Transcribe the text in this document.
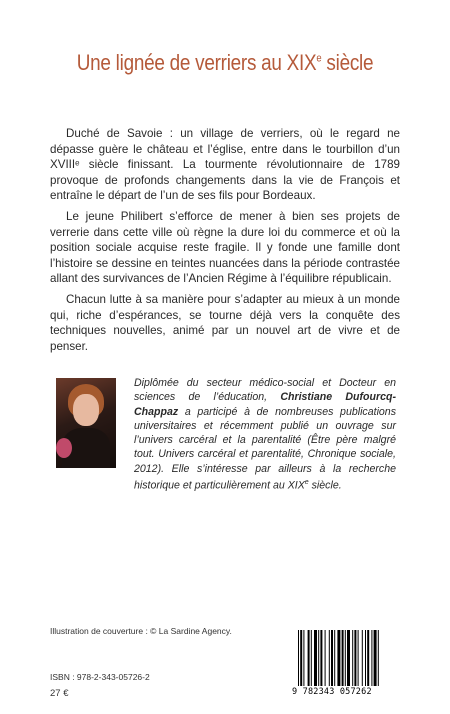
Une lignée de verriers au XIXe siècle

Duché de Savoie : un village de verriers, où le regard ne dépasse guère le château et l’église, entre dans le tourbillon d’un XVIIIᵉ siècle finissant. La tourmente révolutionnaire de 1789 provoque de profonds changements dans la vie de François et entraîne le départ de l’un de ses fils pour Bordeaux.

Le jeune Philibert s’efforce de mener à bien ses projets de verrerie dans cette ville où règne la dure loi du commerce et où la position sociale acquise reste fragile. Il y fonde une famille dont l’histoire se dessine en teintes nuancées dans la période contrastée allant des survivances de l’Ancien Régime à l’équilibre républicain.

Chacun lutte à sa manière pour s’adapter au mieux à un monde qui, riche d’espérances, se tourne déjà vers la conquête des techniques nouvelles, animé par un nouvel art de vivre et de penser.

Diplômée du secteur médico-social et Docteur en sciences de l’éducation, Christiane Dufourcq-Chappaz a participé à de nombreuses publications universitaires et récemment publié un ouvrage sur l’univers carcéral et la parentalité (Être père malgré tout. Univers carcéral et parentalité, Chronique sociale, 2012). Elle s’intéresse par ailleurs à la recherche historique et particulièrement au XIXe siècle.
Illustration de couverture : © La Sardine Agency.
ISBN : 978-2-343-05726-2
27 €	9 782343 057262
